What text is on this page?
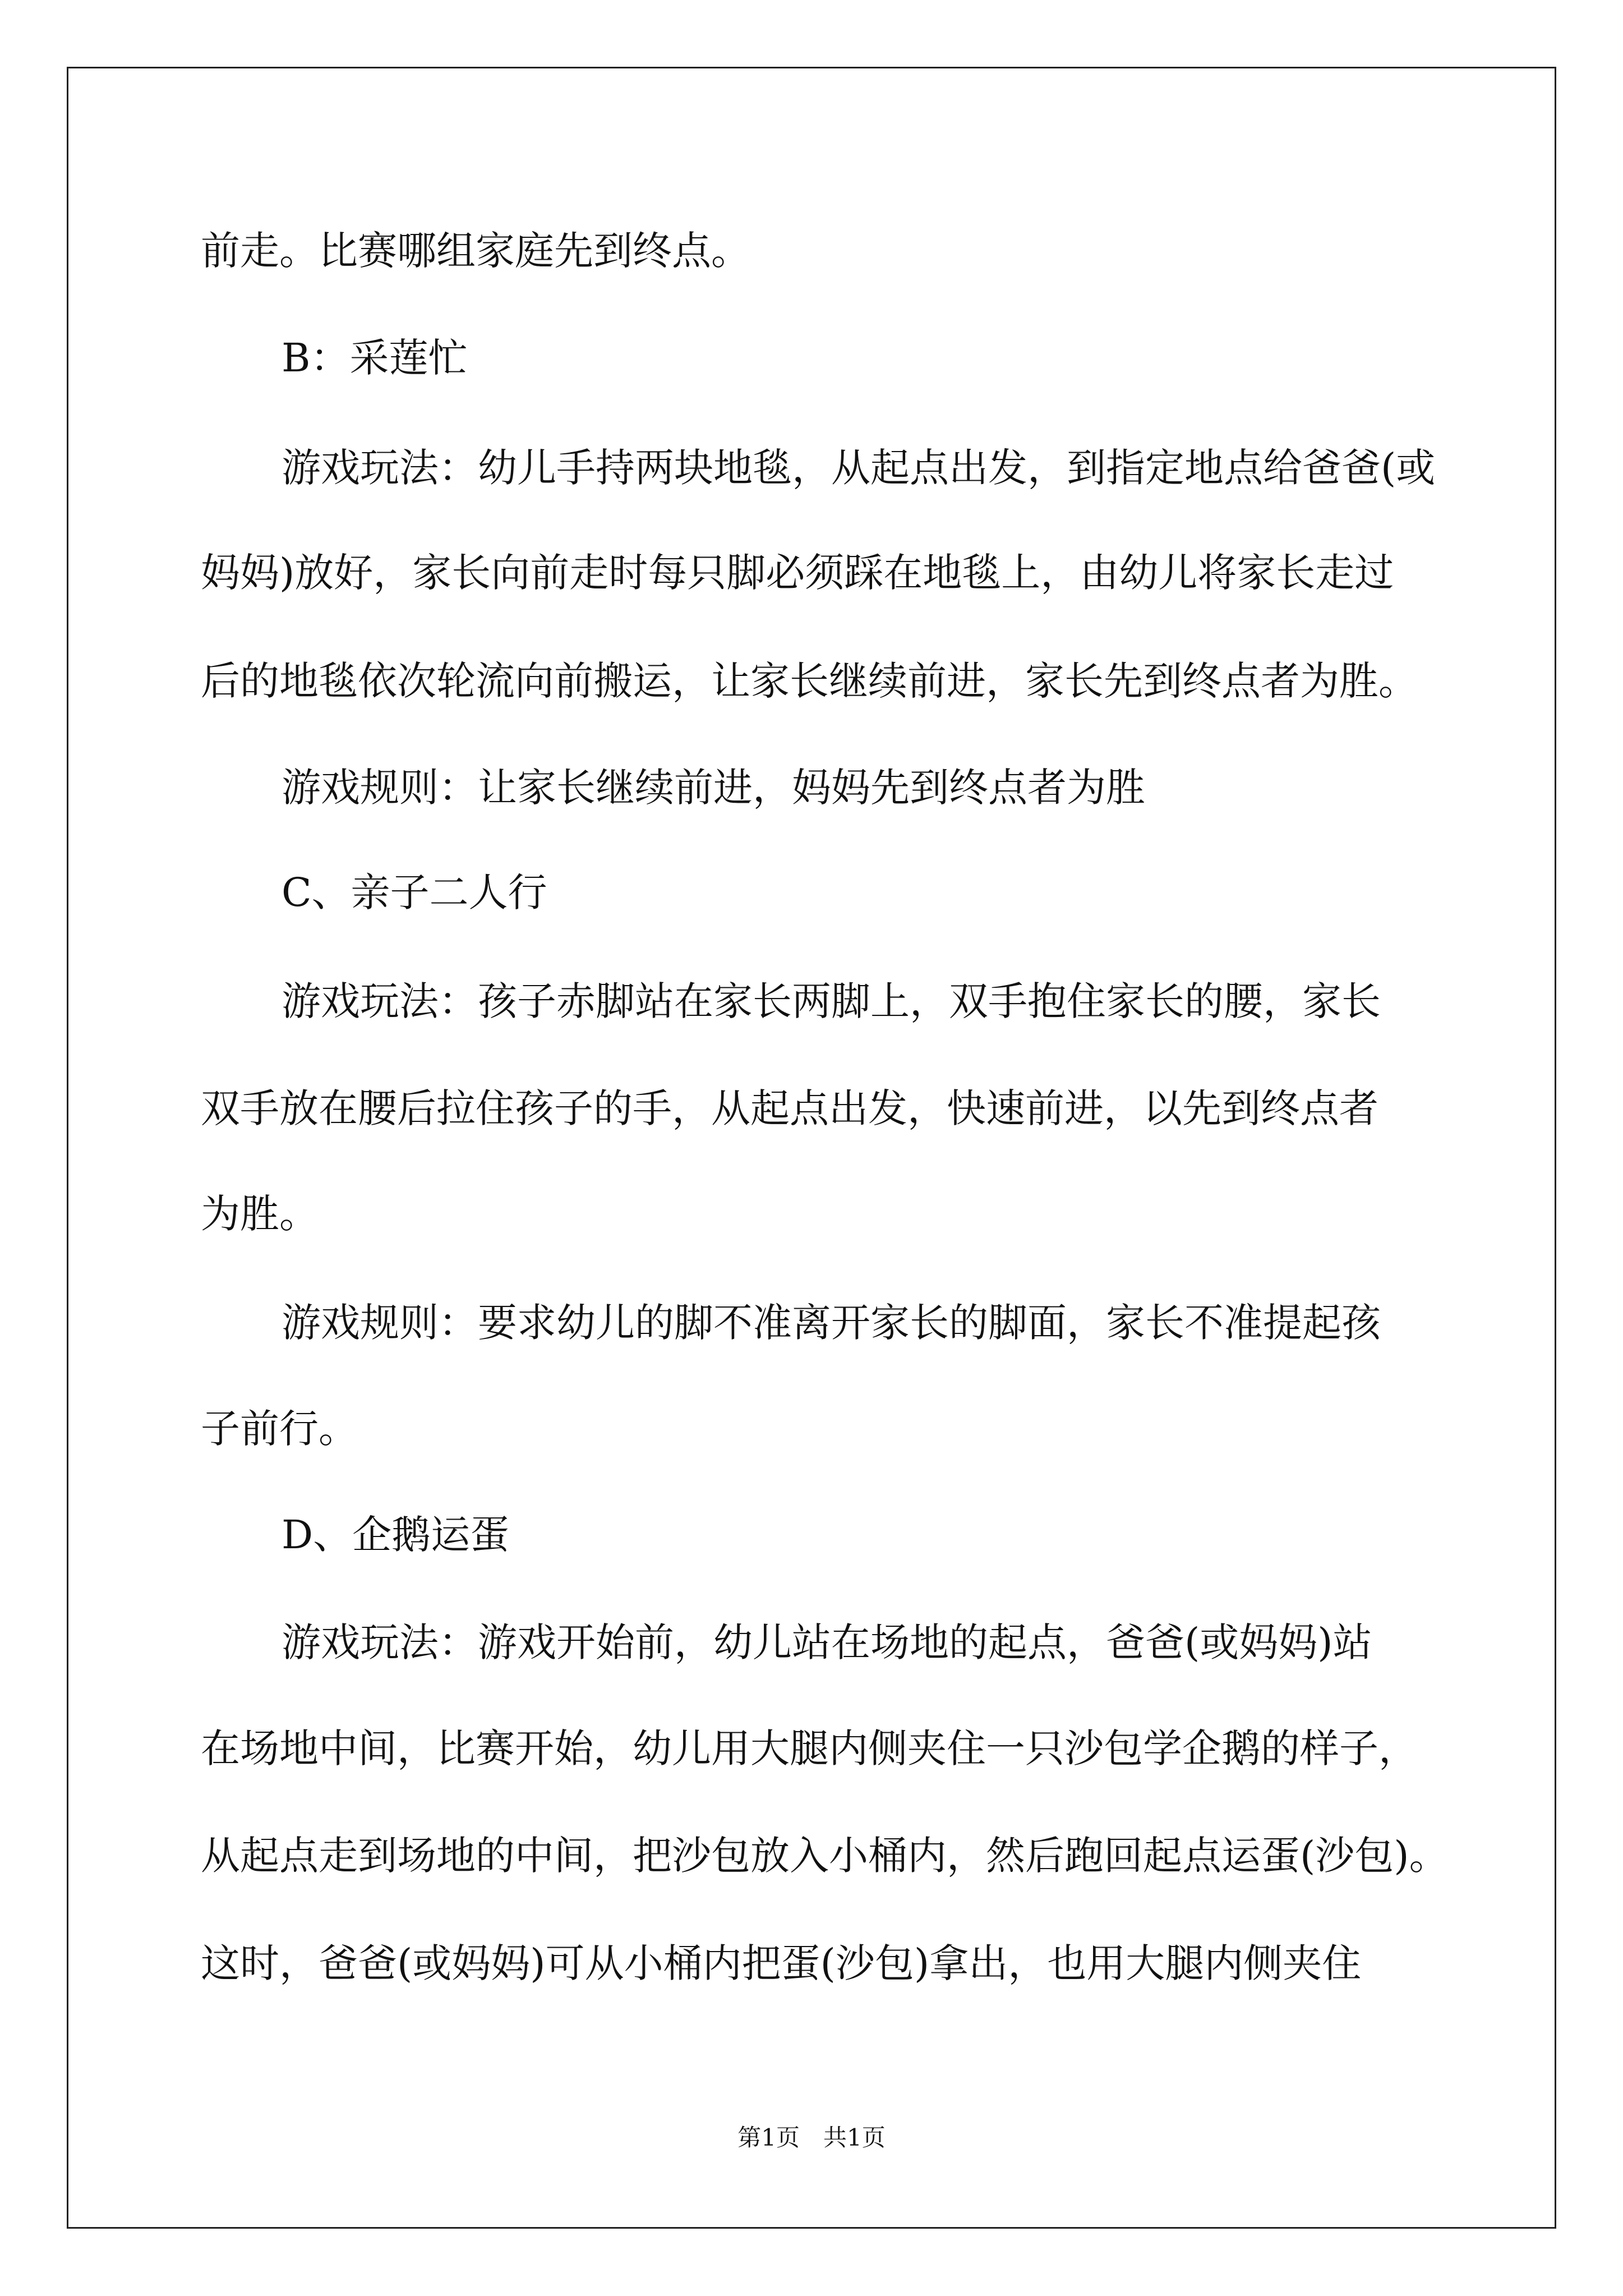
前走。比赛哪组家庭先到终点。
B：采莲忙
游戏玩法：幼儿手持两块地毯，从起点出发，到指定地点给爸爸(或
妈妈)放好，家长向前走时每只脚必须踩在地毯上，由幼儿将家长走过
后的地毯依次轮流向前搬运，让家长继续前进，家长先到终点者为胜。
游戏规则：让家长继续前进，妈妈先到终点者为胜
C、亲子二人行
游戏玩法：孩子赤脚站在家长两脚上，双手抱住家长的腰，家长
双手放在腰后拉住孩子的手，从起点出发，快速前进，以先到终点者
为胜。
游戏规则：要求幼儿的脚不准离开家长的脚面，家长不准提起孩
子前行。
D、企鹅运蛋
游戏玩法：游戏开始前，幼儿站在场地的起点，爸爸(或妈妈)站
在场地中间，比赛开始，幼儿用大腿内侧夹住一只沙包学企鹅的样子，
从起点走到场地的中间，把沙包放入小桶内，然后跑回起点运蛋(沙包)。
这时，爸爸(或妈妈)可从小桶内把蛋(沙包)拿出，也用大腿内侧夹住
第1页　共1页
